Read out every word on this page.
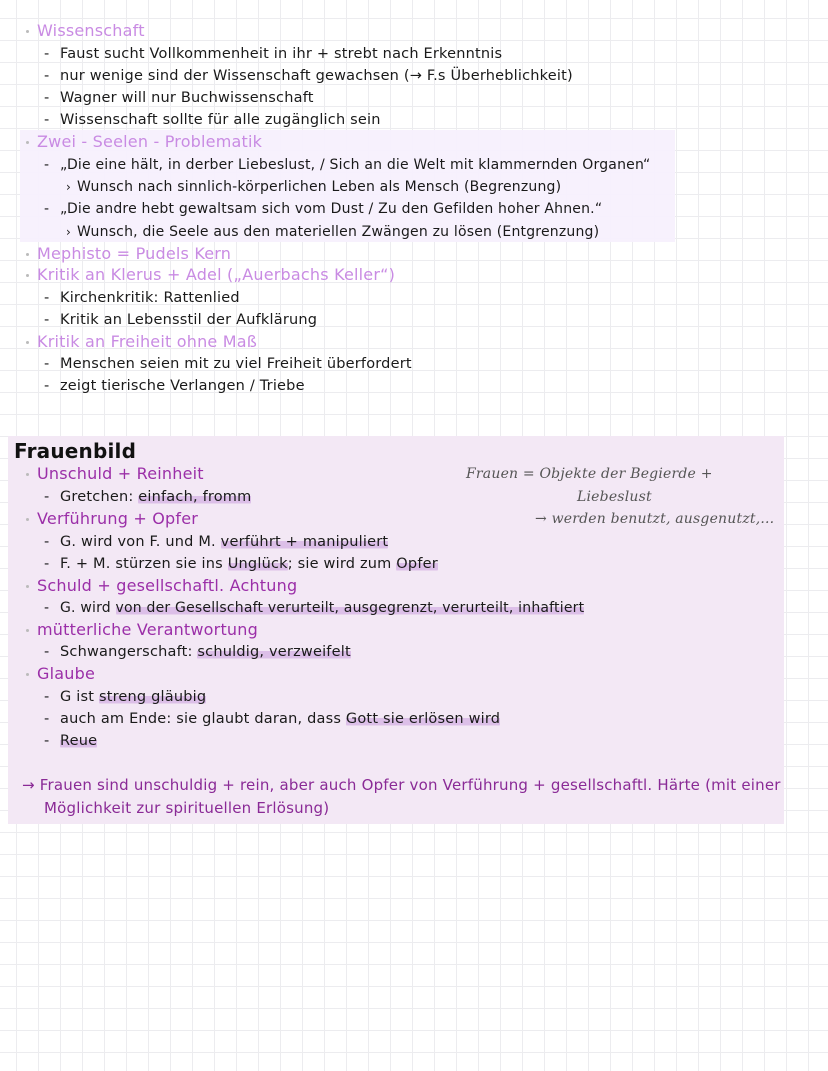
Wissenschaft
- Faust sucht Vollkommenheit in ihr + strebt nach Erkenntnis
- nur wenige sind der Wissenschaft gewachsen (→ F.s Überheblichkeit)
- Wagner will nur Buchwissenschaft
- Wissenschaft sollte für alle zugänglich sein
Zwei - Seelen - Problematik
- „Die eine hält, in derber Liebeslust, / Sich an die Welt mit klammernden Organen“
› Wunsch nach sinnlich-körperlichen Leben als Mensch (Begrenzung)
- „Die andre hebt gewaltsam sich vom Dust / Zu den Gefilden hoher Ahnen.“
› Wunsch, die Seele aus den materiellen Zwängen zu lösen (Entgrenzung)
Mephisto = Pudels Kern
Kritik an Klerus + Adel („Auerbachs Keller“)
- Kirchenkritik: Rattenlied
- Kritik an Lebensstil der Aufklärung
Kritik an Freiheit ohne Maß
- Menschen seien mit zu viel Freiheit überfordert
- zeigt tierische Verlangen / Triebe
Frauenbild
Frauen = Objekte der Begierde +
Liebeslust
→ werden benutzt, ausgenutzt,...
Unschuld + Reinheit
- Gretchen: einfach, fromm
Verführung + Opfer
- G. wird von F. und M. verführt + manipuliert
- F. + M. stürzen sie ins Unglück; sie wird zum Opfer
Schuld + gesellschaftl. Achtung
- G. wird von der Gesellschaft verurteilt, ausgegrenzt, verurteilt, inhaftiert
mütterliche Verantwortung
- Schwangerschaft: schuldig, verzweifelt
Glaube
- G ist streng gläubig
- auch am Ende: sie glaubt daran, dass Gott sie erlösen wird
- Reue
→ Frauen sind unschuldig + rein, aber auch Opfer von Verführung + gesellschaftl. Härte (mit einer
Möglichkeit zur spirituellen Erlösung)
